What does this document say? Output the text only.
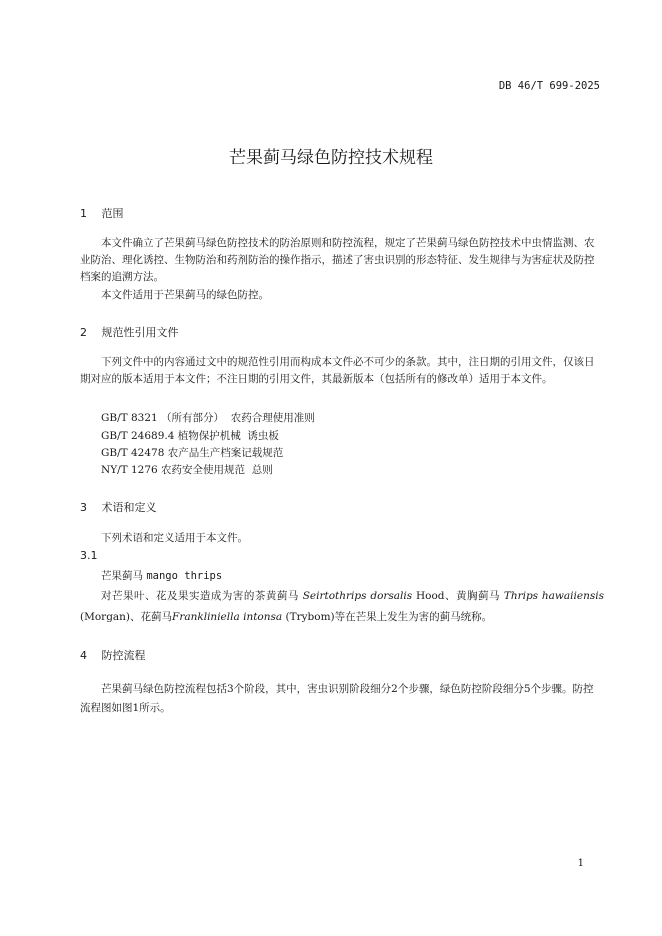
DB 46/T 699-2025
芒果蓟马绿色防控技术规程
1 范围
本文件确立了芒果蓟马绿色防控技术的防治原则和防控流程，规定了芒果蓟马绿色防控技术中虫情监测、农业防治、理化诱控、生物防治和药剂防治的操作指示，描述了害虫识别的形态特征、发生规律与为害症状及防控档案的追溯方法。
本文件适用于芒果蓟马的绿色防控。
2 规范性引用文件
下列文件中的内容通过文中的规范性引用而构成本文件必不可少的条款。其中，注日期的引用文件，仅该日期对应的版本适用于本文件；不注日期的引用文件，其最新版本（包括所有的修改单）适用于本文件。
GB/T 8321 （所有部分）  农药合理使用准则
GB/T 24689.4 植物保护机械  诱虫板
GB/T 42478 农产品生产档案记载规范
NY/T 1276 农药安全使用规范  总则
3 术语和定义
下列术语和定义适用于本文件。
3.1
芒果蓟马 mango thrips
对芒果叶、花及果实造成为害的茶黄蓟马 Seirtothrips dorsalis Hood、黄胸蓟马 Thrips hawaiiensis (Morgan)、花蓟马Frankliniella intonsa (Trybom)等在芒果上发生为害的蓟马统称。
4 防控流程
芒果蓟马绿色防控流程包括3个阶段，其中，害虫识别阶段细分2个步骤，绿色防控阶段细分5个步骤。防控流程图如图1所示。
1
